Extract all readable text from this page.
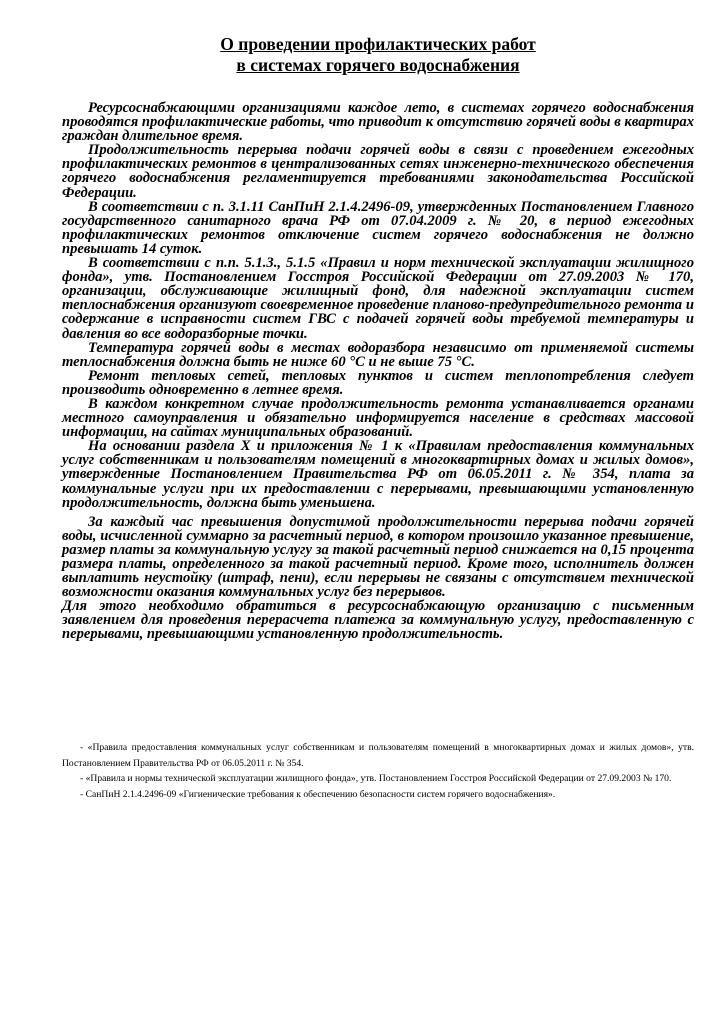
О проведении профилактических работ
в системах горячего водоснабжения

Ресурсоснабжающими организациями каждое лето, в системах горячего водоснабжения проводятся профилактические работы, что приводит к отсутствию горячей воды в квартирах граждан длительное время.

Продолжительность перерыва подачи горячей воды в связи с проведением ежегодных профилактических ремонтов в централизованных сетях инженерно-технического обеспечения горячего водоснабжения регламентируется требованиями законодательства Российской Федерации.

В соответствии с п. 3.1.11 СанПиН 2.1.4.2496-09, утвержденных Постановлением Главного государственного санитарного врача РФ от 07.04.2009 г. № 20, в период ежегодных профилактических ремонтов отключение систем горячего водоснабжения не должно превышать 14 суток.

В соответствии с п.п. 5.1.3., 5.1.5 «Правил и норм технической эксплуатации жилищного фонда», утв. Постановлением Госстроя Российской Федерации от 27.09.2003 № 170, организации, обслуживающие жилищный фонд, для надежной эксплуатации систем теплоснабжения организуют своевременное проведение планово-предупредительного ремонта и содержание в исправности систем ГВС с подачей горячей воды требуемой температуры и давления во все водоразборные точки.

Температура горячей воды в местах водоразбора независимо от применяемой системы теплоснабжения должна быть не ниже 60 °С и не выше 75 °С.

Ремонт тепловых сетей, тепловых пунктов и систем теплопотребления следует производить одновременно в летнее время.

В каждом конкретном случае продолжительность ремонта устанавливается органами местного самоуправления и обязательно информируется население в средствах массовой информации, на сайтах муниципальных образований.

На основании раздела X и приложения № 1 к «Правилам предоставления коммунальных услуг собственникам и пользователям помещений в многоквартирных домах и жилых домов», утвержденные Постановлением Правительства РФ от 06.05.2011 г. № 354, плата за коммунальные услуги при их предоставлении с перерывами, превышающими установленную продолжительность, должна быть уменьшена.

За каждый час превышения допустимой продолжительности перерыва подачи горячей воды, исчисленной суммарно за расчетный период, в котором произошло указанное превышение, размер платы за коммунальную услугу за такой расчетный период снижается на 0,15 процента размера платы, определенного за такой расчетный период. Кроме того, исполнитель должен выплатить неустойку (штраф, пени), если перерывы не связаны с отсутствием технической возможности оказания коммунальных услуг без перерывов.

Для этого необходимо обратиться в ресурсоснабжающую организацию с письменным заявлением для проведения перерасчета платежа за коммунальную услугу, предоставленную с перерывами, превышающими установленную продолжительность.

- «Правила предоставления коммунальных услуг собственникам и пользователям помещений в многоквартирных домах и жилых домов», утв. Постановлением Правительства РФ от 06.05.2011 г. № 354.

- «Правила и нормы технической эксплуатации жилищного фонда», утв. Постановлением Госстроя Российской Федерации от 27.09.2003 № 170.

- СанПиН 2.1.4.2496-09 «Гигиенические требования к обеспечению безопасности систем горячего водоснабжения».
